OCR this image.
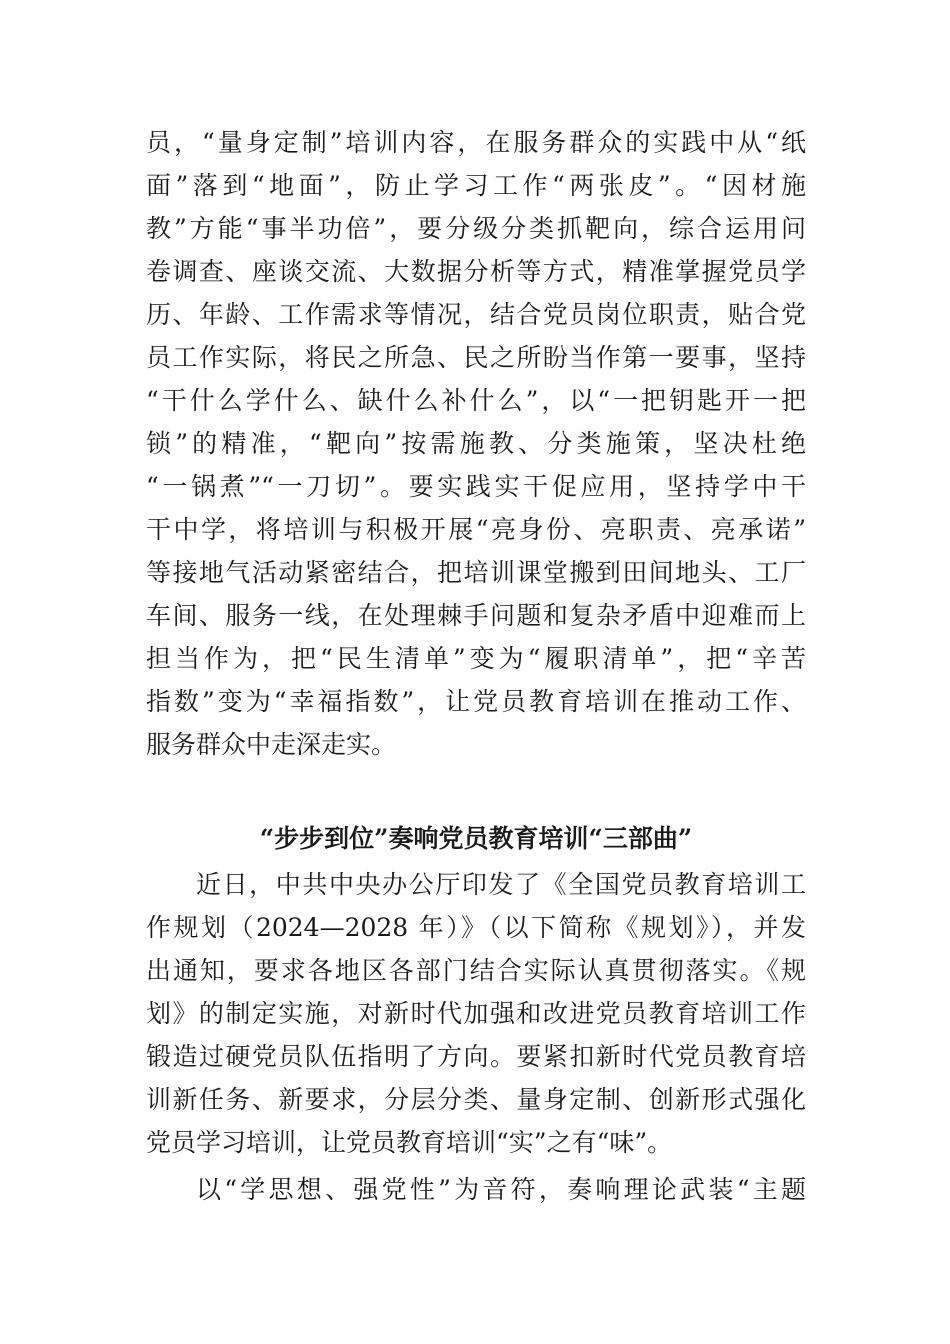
员，“量身定制”培训内容，在服务群众的实践中从“纸
面”落到“地面”，防止学习工作“两张皮”。“因材施
教”方能“事半功倍”，要分级分类抓靶向，综合运用问
卷调查、座谈交流、大数据分析等方式，精准掌握党员学
历、年龄、工作需求等情况，结合党员岗位职责，贴合党
员工作实际，将民之所急、民之所盼当作第一要事，坚持
“干什么学什么、缺什么补什么”，以“一把钥匙开一把
锁”的精准，“靶向”按需施教、分类施策，坚决杜绝
“一锅煮”“一刀切”。要实践实干促应用，坚持学中干
干中学，将培训与积极开展“亮身份、亮职责、亮承诺”
等接地气活动紧密结合，把培训课堂搬到田间地头、工厂
车间、服务一线，在处理棘手问题和复杂矛盾中迎难而上
担当作为，把“民生清单”变为“履职清单”，把“辛苦
指数”变为“幸福指数”，让党员教育培训在推动工作、
服务群众中走深走实。
“步步到位”奏响党员教育培训“三部曲”
近日，中共中央办公厅印发了《全国党员教育培训工
作规划（2024—2028 年）》（以下简称《规划》），并发
出通知，要求各地区各部门结合实际认真贯彻落实。《规
划》的制定实施，对新时代加强和改进党员教育培训工作
锻造过硬党员队伍指明了方向。要紧扣新时代党员教育培
训新任务、新要求，分层分类、量身定制、创新形式强化
党员学习培训，让党员教育培训“实”之有“味”。
以“学思想、强党性”为音符，奏响理论武装“主题
